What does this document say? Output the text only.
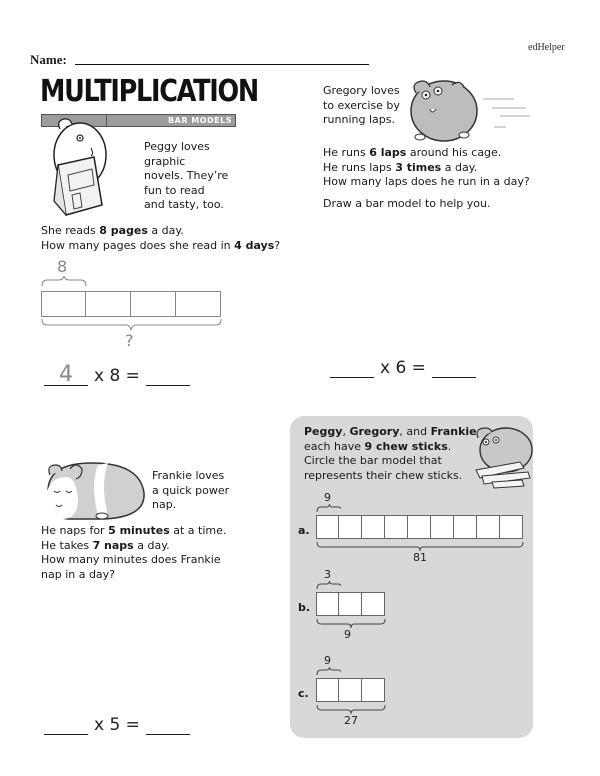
edHelper
Name:
MULTIPLICATION
BAR MODELS
Peggy loves
graphic
novels. They’re
fun to read
and tasty, too.
She reads 8 pages a day.
How many pages does she read in 4 days?
8
?
4	x 8 =
Gregory loves
to exercise by
running laps.
He runs 6 laps around his cage.
He runs laps 3 times a day.
How many laps does he run in a day?
Draw a bar model to help you.
x 6 =
Frankie loves
a quick power
nap.
He naps for 5 minutes at a time.
He takes 7 naps a day.
How many minutes does Frankie
nap in a day?
x 5 =
Peggy, Gregory, and Frankie
each have 9 chew sticks.
Circle the bar model that
represents their chew sticks.
a.
9
81
b.
3
9
c.
9
27
